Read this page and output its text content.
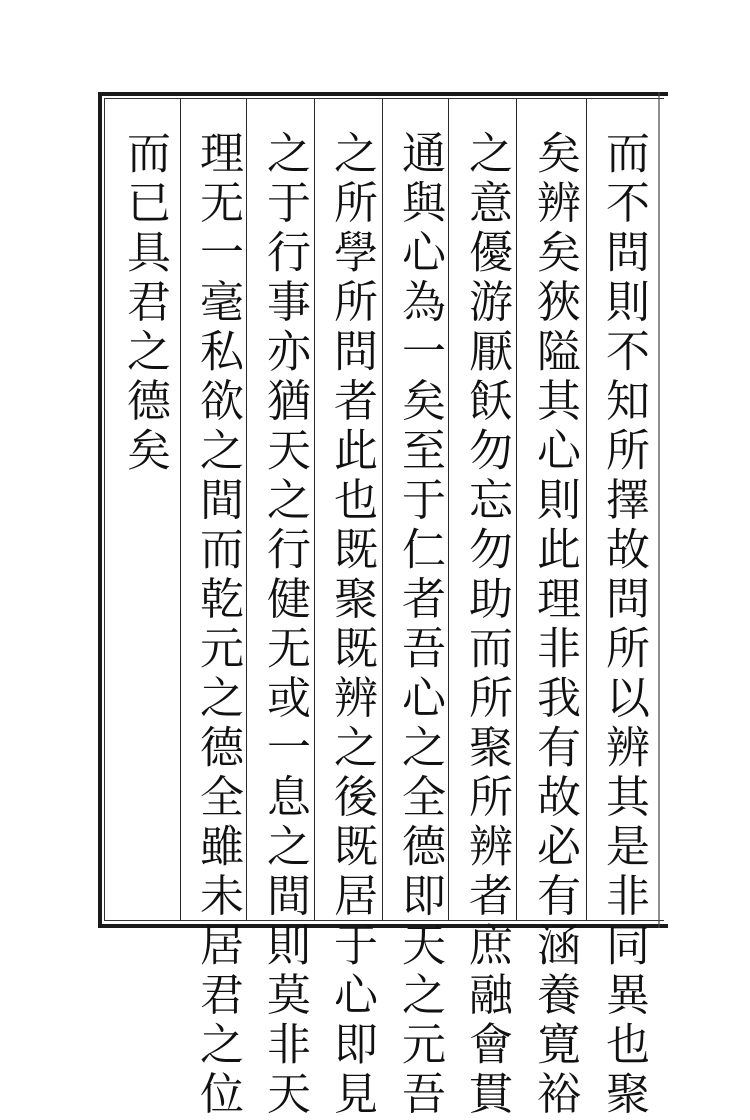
而不問則不知所擇故問所以辨其是非同異也聚
矣辨矣狹隘其心則此理非我有故必有涵養寛裕
之意優游厭飫勿忘勿助而所聚所辨者庶融會貫
通與心為一矣至于仁者吾心之全德即天之元吾
之所學所問者此也既聚既辨之後既居于心即見
之于行事亦猶天之行健无或一息之間則莫非天
理无一毫私欲之間而乾元之德全雖未居君之位
而已具君之德矣
